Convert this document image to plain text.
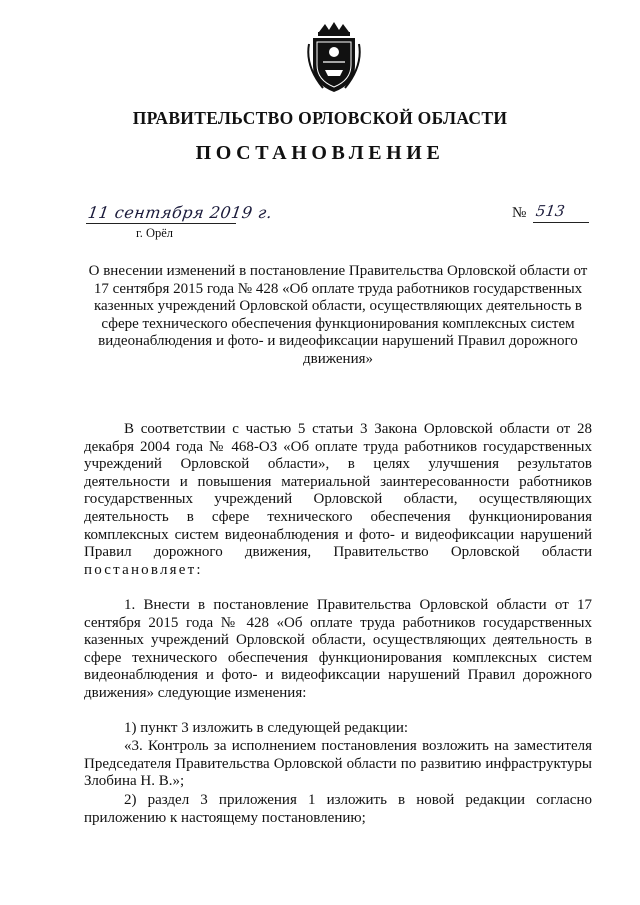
ПРАВИТЕЛЬСТВО ОРЛОВСКОЙ ОБЛАСТИ
ПОСТАНОВЛЕНИЕ
11 сентября 2019 г.
г. Орёл
№ 513
О внесении изменений в постановление Правительства Орловской области от 17 сентября 2015 года № 428 «Об оплате труда работников государственных казенных учреждений Орловской области, осуществляющих деятельность в сфере технического обеспечения функционирования комплексных систем видеонаблюдения и фото- и видеофиксации нарушений Правил дорожного движения»
В соответствии с частью 5 статьи 3 Закона Орловской области от 28 декабря 2004 года № 468-ОЗ «Об оплате труда работников государственных учреждений Орловской области», в целях улучшения результатов деятельности и повышения материальной заинтересованности работников государственных учреждений Орловской области, осуществляющих деятельность в сфере технического обеспечения функционирования комплексных систем видеонаблюдения и фото- и видеофиксации нарушений Правил дорожного движения, Правительство Орловской области постановляет:
1. Внести в постановление Правительства Орловской области от 17 сентября 2015 года № 428 «Об оплате труда работников государственных казенных учреждений Орловской области, осуществляющих деятельность в сфере технического обеспечения функционирования комплексных систем видеонаблюдения и фото- и видеофиксации нарушений Правил дорожного движения» следующие изменения:
1) пункт 3 изложить в следующей редакции:
«3. Контроль за исполнением постановления возложить на заместителя Председателя Правительства Орловской области по развитию инфраструктуры Злобина Н. В.»;
2) раздел 3 приложения 1 изложить в новой редакции согласно приложению к настоящему постановлению;
